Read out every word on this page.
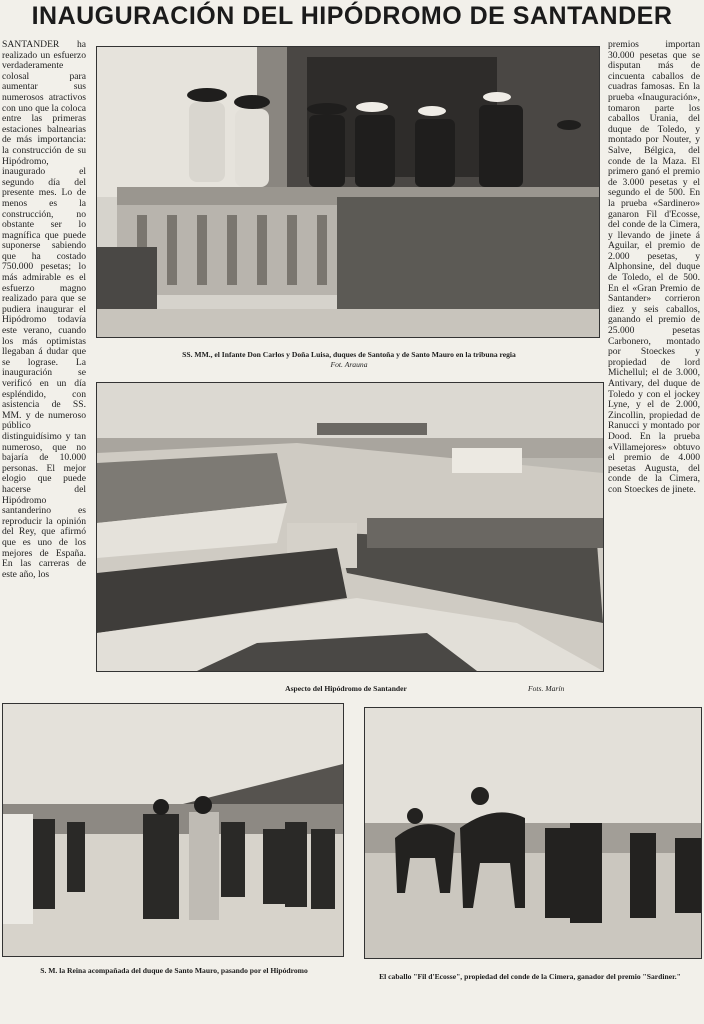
INAUGURACIÓN DEL HIPÓDROMO DE SANTANDER

SANTANDER ha realizado un esfuerzo verdaderamente colosal para aumentar sus numerosos atractivos con uno que la coloca entre las primeras estaciones balnearias de más importancia: la construcción de su Hipódromo, inaugurado el segundo día del presente mes. Lo de menos es la construcción, no obstante ser lo magnífica que puede suponerse sabiendo que ha costado 750.000 pesetas; lo más admirable es el esfuerzo magno realizado para que se pudiera inaugurar el Hipódromo todavía este verano, cuando los más optimistas llegaban á dudar que se lograse. La inauguración se verificó en un día espléndido, con asistencia de SS. MM. y de numeroso público distinguidísimo y tan numeroso, que no bajaría de 10.000 personas. El mejor elogio que puede hacerse del Hipódromo santanderino es reproducir la opinión del Rey, que afirmó que es uno de los mejores de España. En las carreras de este año, los

premios importan 30.000 pesetas que se disputan más de cincuenta caballos de cuadras famosas. En la prueba «Inauguración», tomaron parte los caballos Urania, del duque de Toledo, y montado por Nouter, y Salve, Bélgica, del conde de la Maza. El primero ganó el premio de 3.000 pesetas y el segundo el de 500. En la prueba «Sardinero» ganaron Fil d'Ecosse, del conde de la Cimera, y llevando de jinete á Aguilar, el premio de 2.000 pesetas, y Alphonsine, del duque de Toledo, el de 500. En el «Gran Premio de Santander» corrieron diez y seis caballos, ganando el premio de 25.000 pesetas Carbonero, montado por Stoeckes y propiedad de lord Michellul; el de 3.000, Antivary, del duque de Toledo y con el jockey Lyne, y el de 2.000, Zincollin, propiedad de Ranucci y montado por Dood. En la prueba «Villamejores» obtuvo el premio de 4.000 pesetas Augusta, del conde de la Cimera, con Stoeckes de jinete.

SS. MM., el Infante Don Carlos y Doña Luisa, duques de Santoña y de Santo Mauro en la tribuna regia
Fot. Arauna
Aspecto del Hipódromo de Santander	Fots. Marín
S. M. la Reina acompañada del duque de Santo Mauro, pasando por el Hipódromo
El caballo "Fil d'Ecosse", propiedad del conde de la Cimera, ganador del premio "Sardiner."
